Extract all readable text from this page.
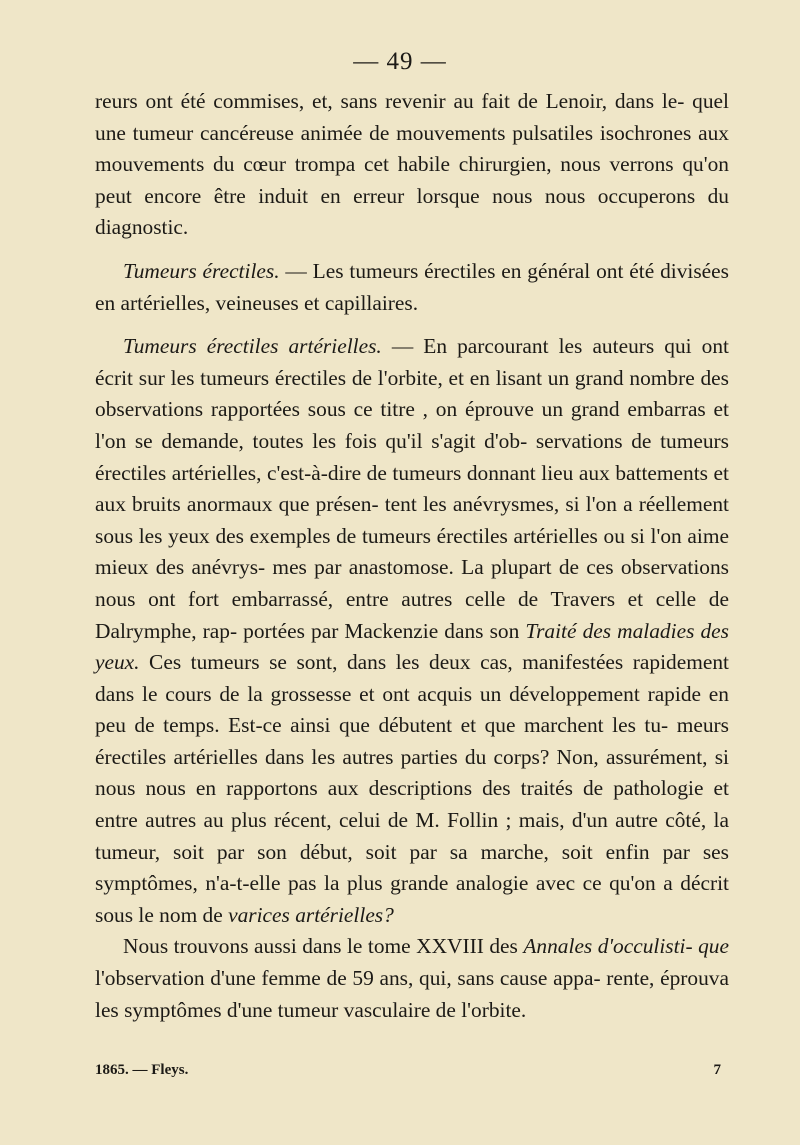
— 49 —

reurs ont été commises, et, sans revenir au fait de Lenoir, dans le- quel une tumeur cancéreuse animée de mouvements pulsatiles isochrones aux mouvements du cœur trompa cet habile chirurgien, nous verrons qu'on peut encore être induit en erreur lorsque nous nous occuperons du diagnostic.

Tumeurs érectiles. — Les tumeurs érectiles en général ont été divisées en artérielles, veineuses et capillaires.

Tumeurs érectiles artérielles. — En parcourant les auteurs qui ont écrit sur les tumeurs érectiles de l'orbite, et en lisant un grand nombre des observations rapportées sous ce titre , on éprouve un grand embarras et l'on se demande, toutes les fois qu'il s'agit d'ob- servations de tumeurs érectiles artérielles, c'est-à-dire de tumeurs donnant lieu aux battements et aux bruits anormaux que présen- tent les anévrysmes, si l'on a réellement sous les yeux des exemples de tumeurs érectiles artérielles ou si l'on aime mieux des anévrys- mes par anastomose. La plupart de ces observations nous ont fort embarrassé, entre autres celle de Travers et celle de Dalrymphe, rap- portées par Mackenzie dans son Traité des maladies des yeux. Ces tumeurs se sont, dans les deux cas, manifestées rapidement dans le cours de la grossesse et ont acquis un développement rapide en peu de temps. Est-ce ainsi que débutent et que marchent les tu- meurs érectiles artérielles dans les autres parties du corps? Non, assurément, si nous nous en rapportons aux descriptions des traités de pathologie et entre autres au plus récent, celui de M. Follin ; mais, d'un autre côté, la tumeur, soit par son début, soit par sa marche, soit enfin par ses symptômes, n'a-t-elle pas la plus grande analogie avec ce qu'on a décrit sous le nom de varices artérielles?

Nous trouvons aussi dans le tome XXVIII des Annales d'occulisti- que l'observation d'une femme de 59 ans, qui, sans cause appa- rente, éprouva les symptômes d'une tumeur vasculaire de l'orbite.

1865. — Fleys.	7
